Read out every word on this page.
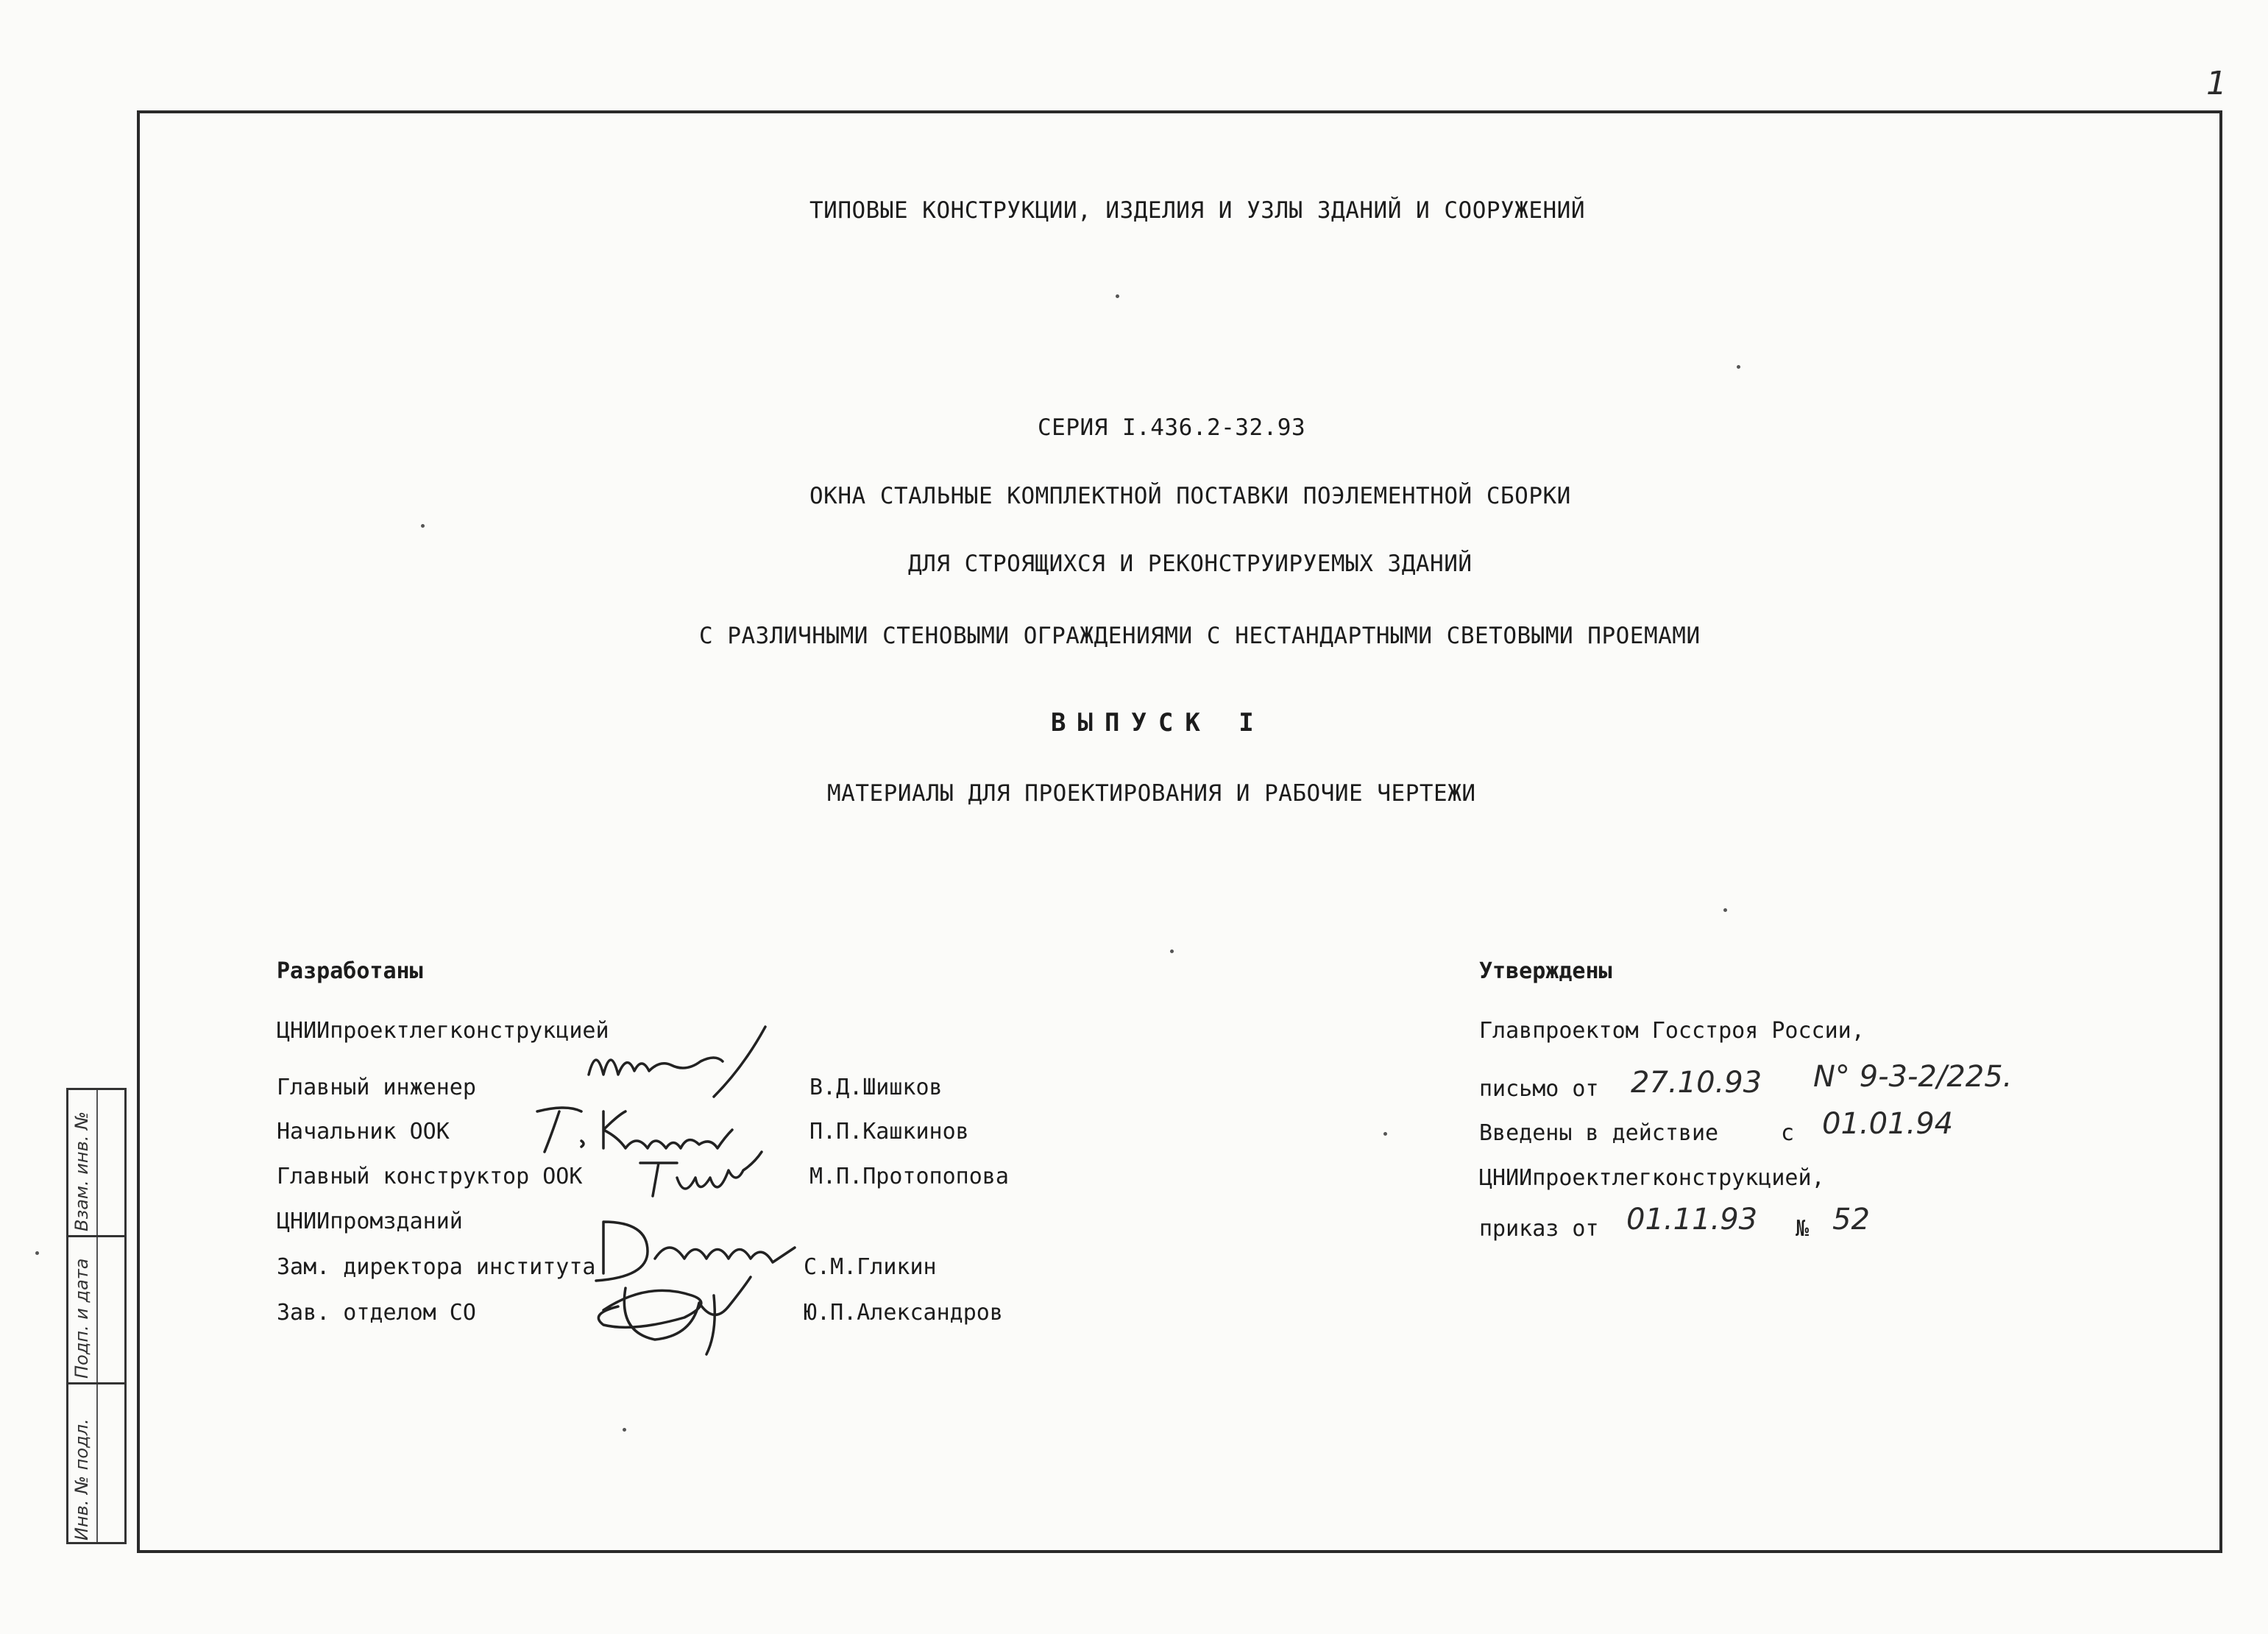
1
ТИПОВЫЕ КОНСТРУКЦИИ, ИЗДЕЛИЯ И УЗЛЫ ЗДАНИЙ И СООРУЖЕНИЙ
СЕРИЯ I.436.2-32.93
ОКНА СТАЛЬНЫЕ КОМПЛЕКТНОЙ ПОСТАВКИ ПОЭЛЕМЕНТНОЙ СБОРКИ
ДЛЯ СТРОЯЩИХСЯ И РЕКОНСТРУИРУЕМЫХ ЗДАНИЙ
С РАЗЛИЧНЫМИ СТЕНОВЫМИ ОГРАЖДЕНИЯМИ С НЕСТАНДАРТНЫМИ СВЕТОВЫМИ ПРОЕМАМИ
ВЫПУСК I
МАТЕРИАЛЫ ДЛЯ ПРОЕКТИРОВАНИЯ И РАБОЧИЕ ЧЕРТЕЖИ
Разработаны
ЦНИИпроектлегконструкцией
Главный инженер	В.Д.Шишков
Начальник ООК	П.П.Кашкинов
Главный конструктор ООК	М.П.Протопопова
ЦНИИпромзданий
Зам. директора института	С.М.Гликин
Зав. отделом СО	Ю.П.Александров
Утверждены
Главпроектом Госстроя России,
письмо от 27.10.93 N° 9-3-2/225.
Введены в действие	с 01.01.94
ЦНИИпроектлегконструкцией,
приказ от 01.11.93 № 52
Взам. инв. №
Подп. и дата
Инв. № подл.
